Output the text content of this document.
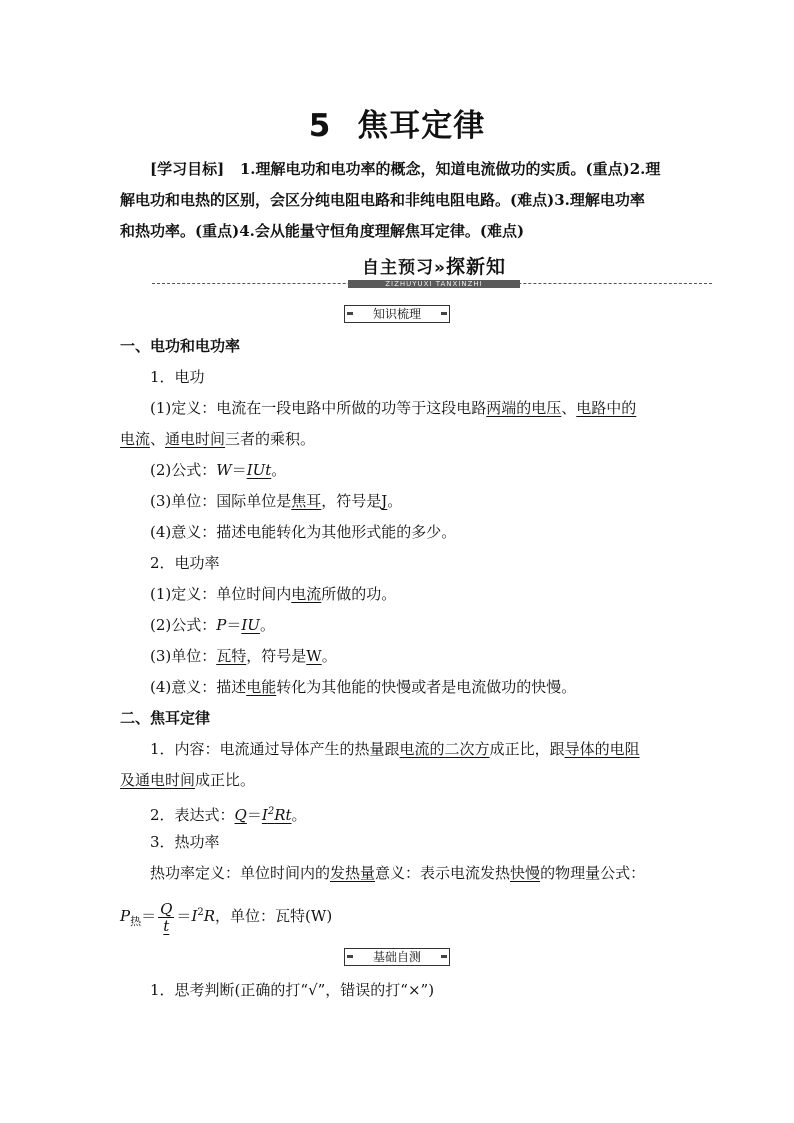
5 焦耳定律
[学习目标] 1.理解电功和电功率的概念，知道电流做功的实质。(重点)2.理
解电功和电热的区别，会区分纯电阻电路和非纯电阻电路。(难点)3.理解电功率
和热功率。(重点)4.会从能量守恒角度理解焦耳定律。(难点)
自主预习»探新知
ZIZHUYUXI TANXINZHI
知识梳理
一、电功和电功率
1．电功
(1)定义：电流在一段电路中所做的功等于这段电路两端的电压、电路中的
电流、通电时间三者的乘积。
(2)公式：W＝IUt。
(3)单位：国际单位是焦耳，符号是J。
(4)意义：描述电能转化为其他形式能的多少。
2．电功率
(1)定义：单位时间内电流所做的功。
(2)公式：P＝IU。
(3)单位：瓦特，符号是W。
(4)意义：描述电能转化为其他能的快慢或者是电流做功的快慢。
二、焦耳定律
1．内容：电流通过导体产生的热量跟电流的二次方成正比，跟导体的电阻
及通电时间成正比。
2．表达式：$Q=I^2Rt$。
3．热功率
热功率定义：单位时间内的发热量意义：表示电流发热快慢的物理量公式：
$P_热= \frac{Q}{t} =I^2R$，单位：瓦特(W)
基础自测
1．思考判断(正确的打“√”，错误的打“×”)
